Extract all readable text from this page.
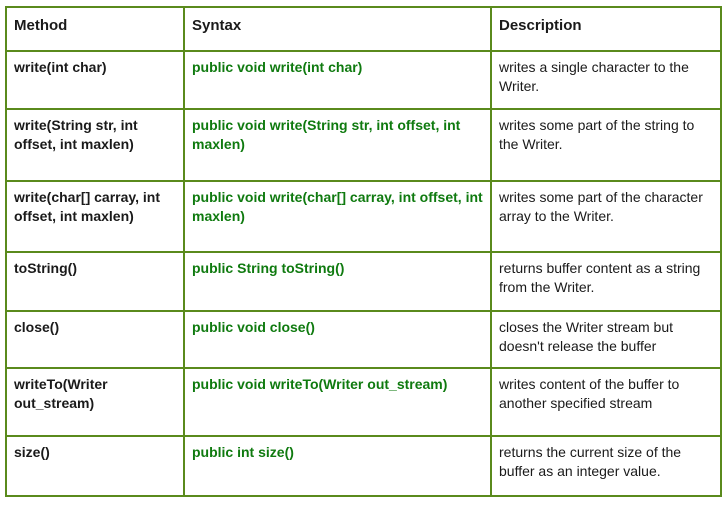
Method	Syntax	Description
write(int char)	public void write(int char)	writes a single character to the Writer.
write(String str, int offset, int maxlen)	public void write(String str, int offset, int maxlen)	writes some part of the string to the Writer.
write(char[] carray, int offset, int maxlen)	public void write(char[] carray, int offset, int maxlen)	writes some part of the character array to the Writer.
toString()	public String toString()	returns buffer content as a string from the Writer.
close()	public void close()	closes the Writer stream but doesn't release the buffer
writeTo(Writer out_stream)	public void writeTo(Writer out_stream)	writes content of the buffer to another specified stream
size()	public int size()	returns the current size of the buffer as an integer value.
